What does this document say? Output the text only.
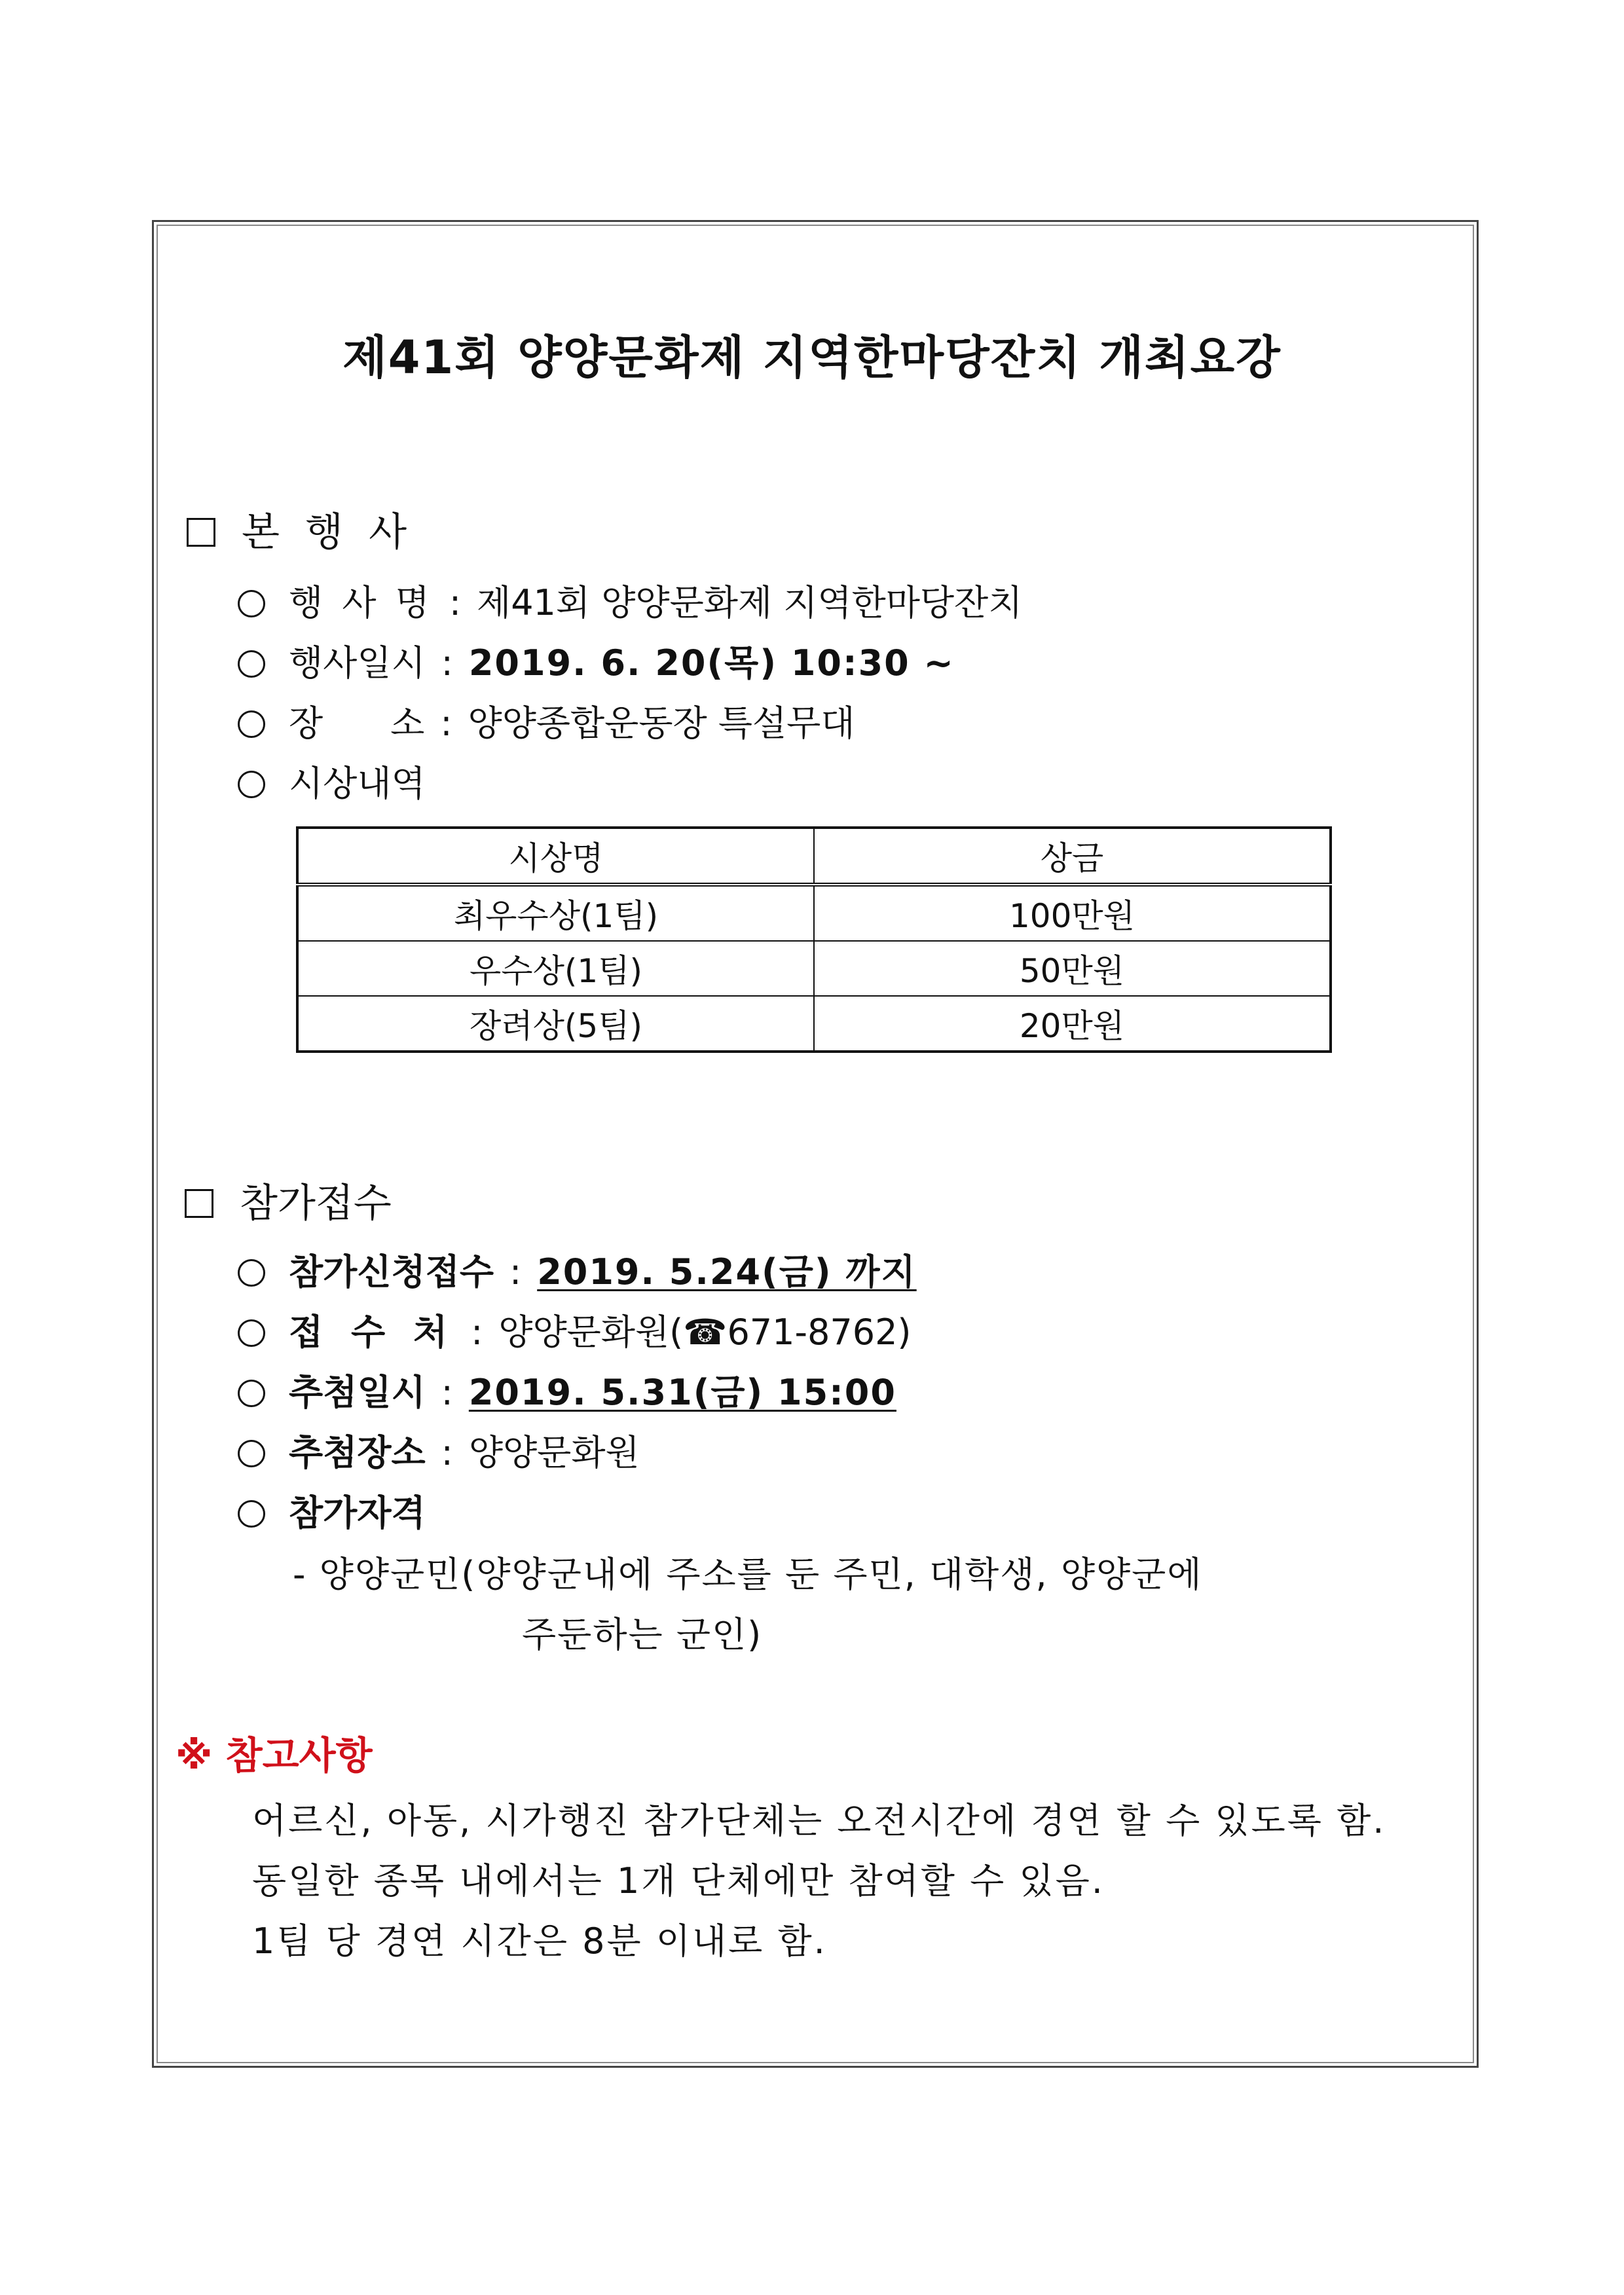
제41회 양양문화제 지역한마당잔치 개최요강
본 행 사
행 사 명 : 제41회 양양문화제 지역한마당잔치
행사일시 : 2019. 6. 20(목) 10:30 ~
장      소 : 양양종합운동장 특설무대
시상내역
시상명	상금
최우수상(1팀)	100만원
우수상(1팀)	50만원
장려상(5팀)	20만원
참가접수
참가신청접수 : 2019. 5.24(금) 까지
접 수 처 : 양양문화원(☎671-8762)
추첨일시 : 2019. 5.31(금) 15:00
추첨장소 : 양양문화원
참가자격
- 양양군민(양양군내에 주소를 둔 주민, 대학생, 양양군에
주둔하는 군인)
※ 참고사항
어르신, 아동, 시가행진 참가단체는 오전시간에 경연 할 수 있도록 함.
동일한 종목 내에서는 1개 단체에만 참여할 수 있음.
1팀 당 경연 시간은 8분 이내로 함.
